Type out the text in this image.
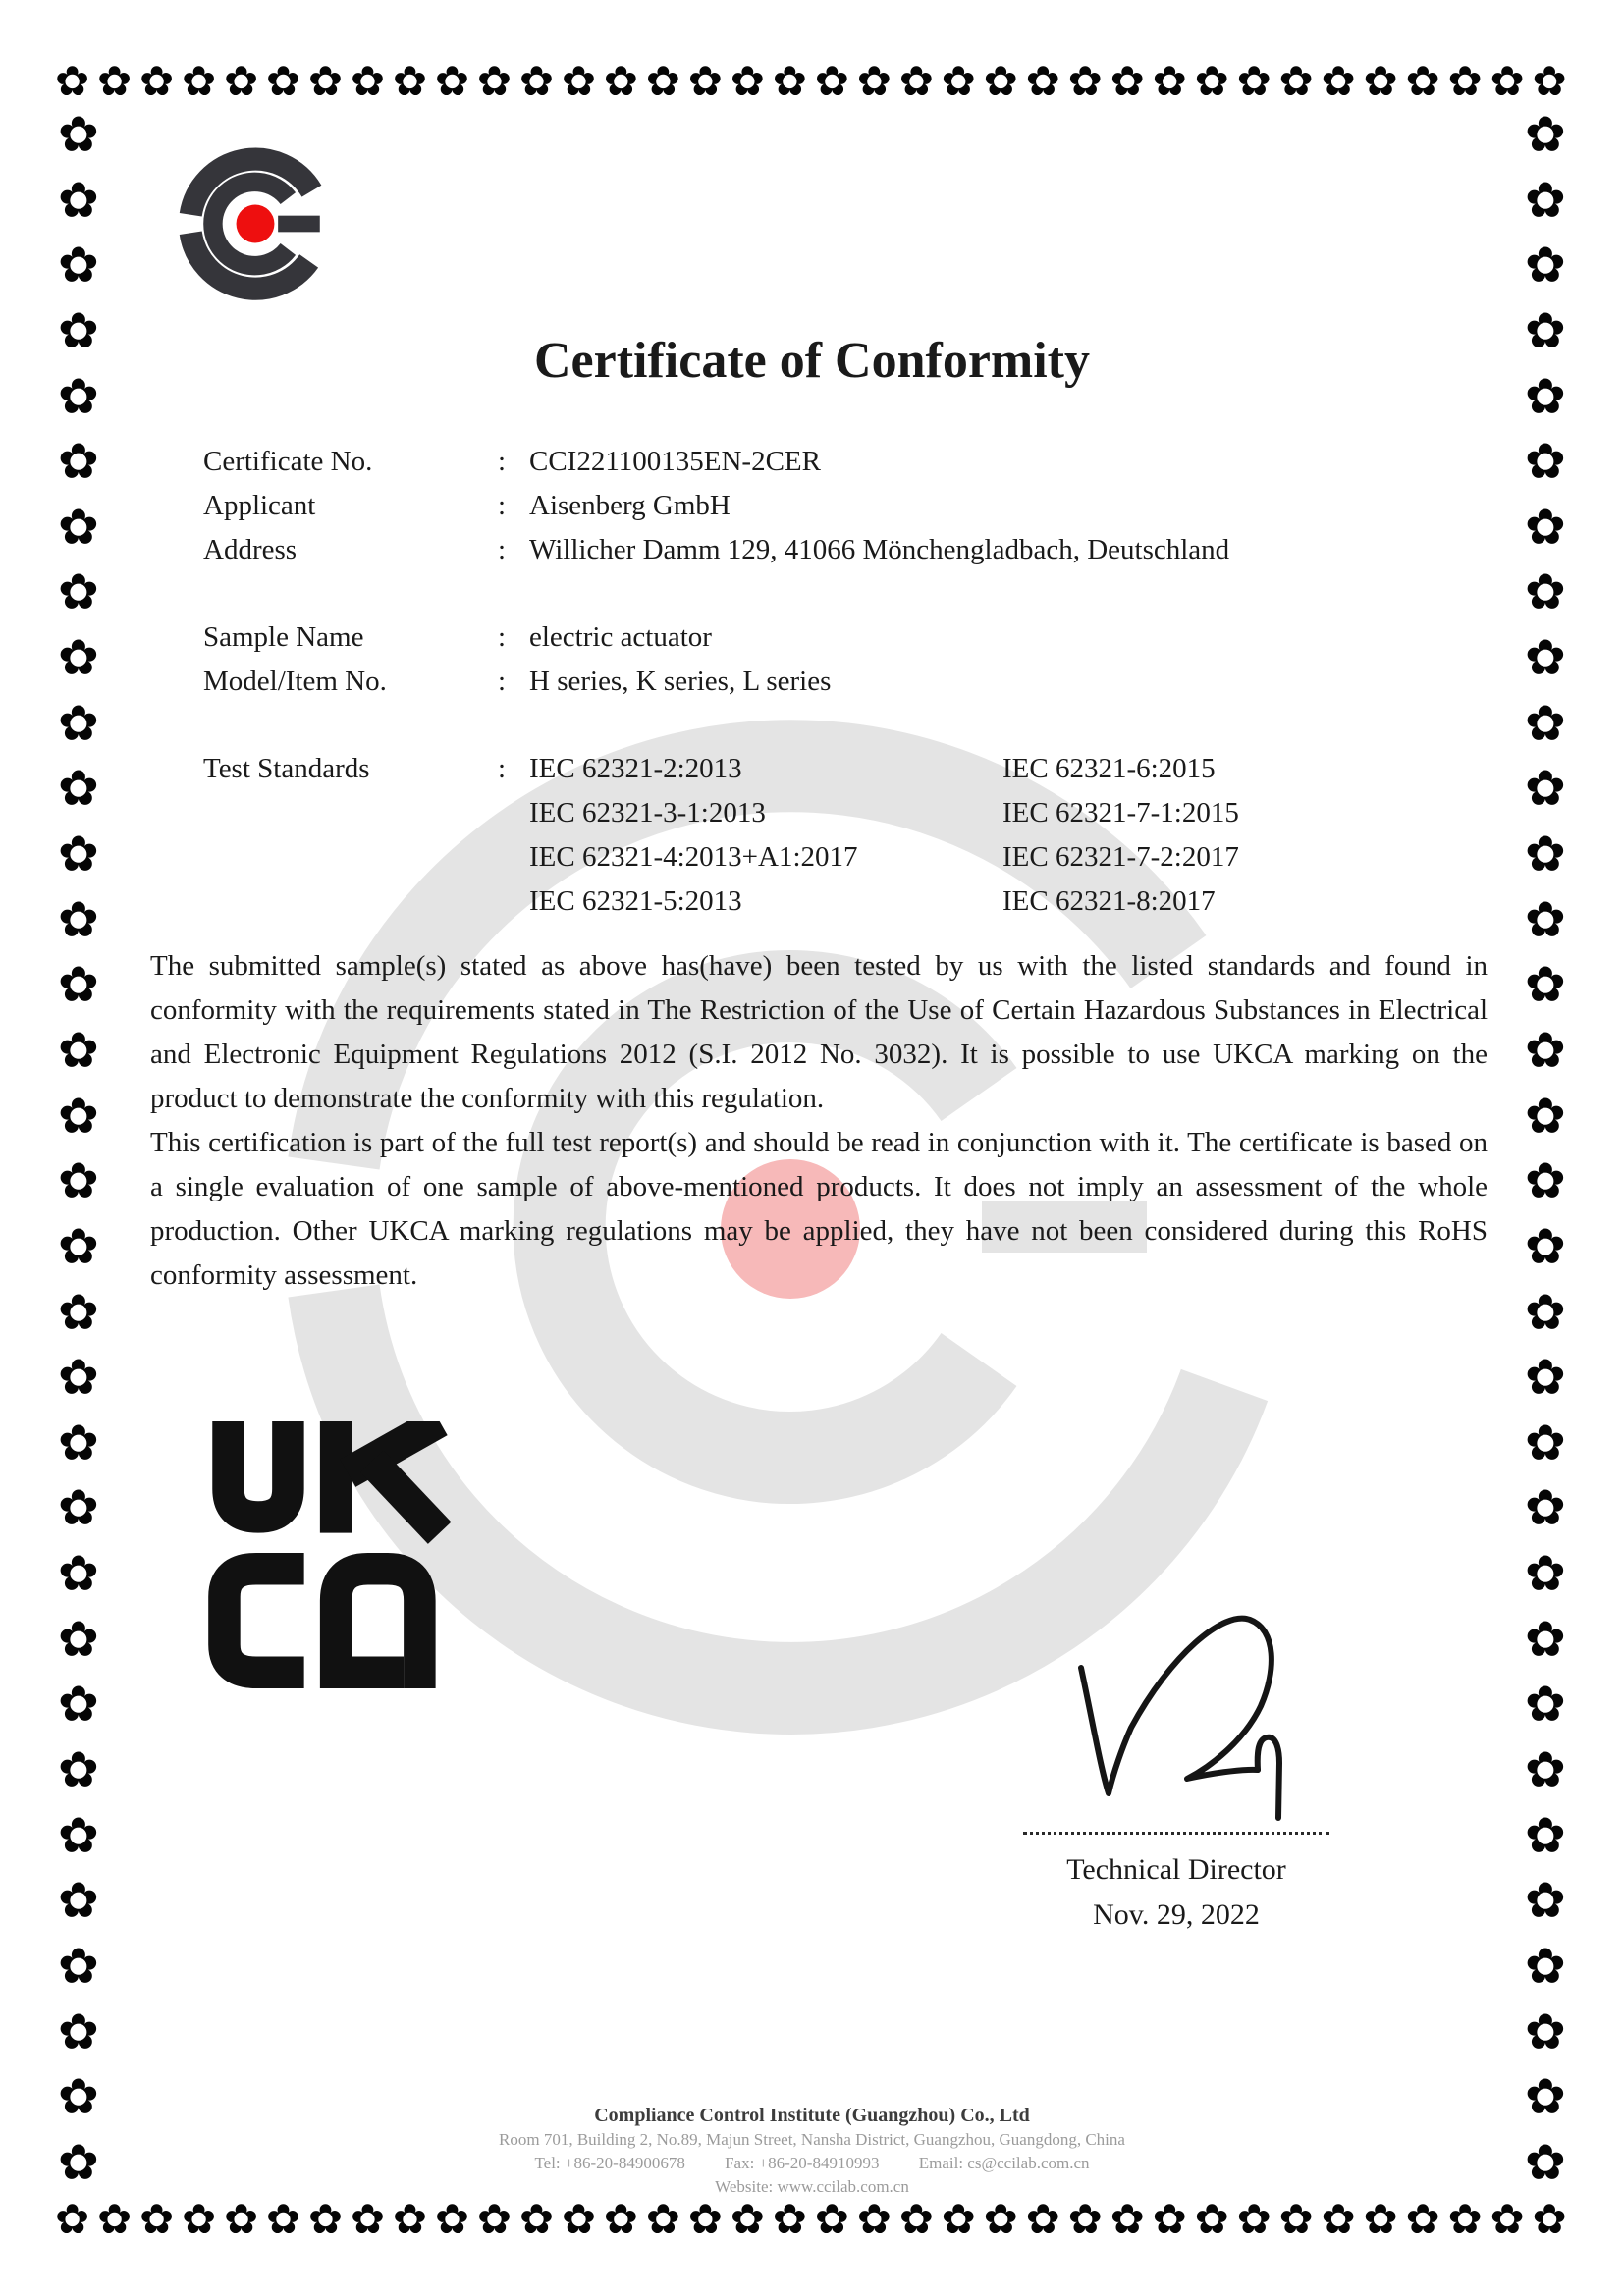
✿ ✿ ✿ ✿ ✿ ✿ ✿ ✿ ✿ ✿ ✿ ✿ ✿ ✿ ✿ ✿ ✿ ✿ ✿ ✿ ✿ ✿ ✿ ✿ ✿ ✿ ✿ ✿ ✿ ✿ ✿ ✿ ✿ ✿ ✿ ✿
✿ ✿ ✿ ✿ ✿ ✿ ✿ ✿ ✿ ✿ ✿ ✿ ✿ ✿ ✿ ✿ ✿ ✿ ✿ ✿ ✿ ✿ ✿ ✿ ✿ ✿ ✿ ✿ ✿ ✿ ✿ ✿ ✿ ✿ ✿ ✿
✿
✿
✿
✿
✿
✿
✿
✿
✿
✿
✿
✿
✿
✿
✿
✿
✿
✿
✿
✿
✿
✿
✿
✿
✿
✿
✿
✿
✿
✿
✿
✿
✿
✿
✿
✿
✿
✿
✿
✿
✿
✿
✿
✿
✿
✿
✿
✿
✿
✿
✿
✿
✿
✿
✿
✿
✿
✿
✿
✿
✿
✿
✿
✿
Certificate of Conformity
Certificate No.	: CCI221100135EN-2CER
Applicant	: Aisenberg GmbH
Address	: Willicher Damm 129, 41066 Mönchengladbach, Deutschland
Sample Name	: electric actuator
Model/Item No.	: H series, K series, L series
Test Standards	: IEC 62321-2:2013	IEC 62321-6:2015
IEC 62321-3-1:2013	IEC 62321-7-1:2015
IEC 62321-4:2013+A1:2017	IEC 62321-7-2:2017
IEC 62321-5:2013	IEC 62321-8:2017

The submitted sample(s) stated as above has(have) been tested by us with the listed standards and found in conformity with the requirements stated in The Restriction of the Use of Certain Hazardous Substances in Electrical and Electronic Equipment Regulations 2012 (S.I. 2012 No. 3032). It is possible to use UKCA marking on the product to demonstrate the conformity with this regulation.

This certification is part of the full test report(s) and should be read in conjunction with it. The certificate is based on a single evaluation of one sample of above-mentioned products. It does not imply an assessment of the whole production. Other UKCA marking regulations may be applied, they have not been considered during this RoHS conformity assessment.

Technical Director
Nov. 29, 2022
Compliance Control Institute (Guangzhou) Co., Ltd
Room 701, Building 2, No.89, Majun Street, Nansha District, Guangzhou, Guangdong, China
Tel: +86-20-84900678 Fax: +86-20-84910993 Email: cs@ccilab.com.cn
Website: www.ccilab.com.cn
